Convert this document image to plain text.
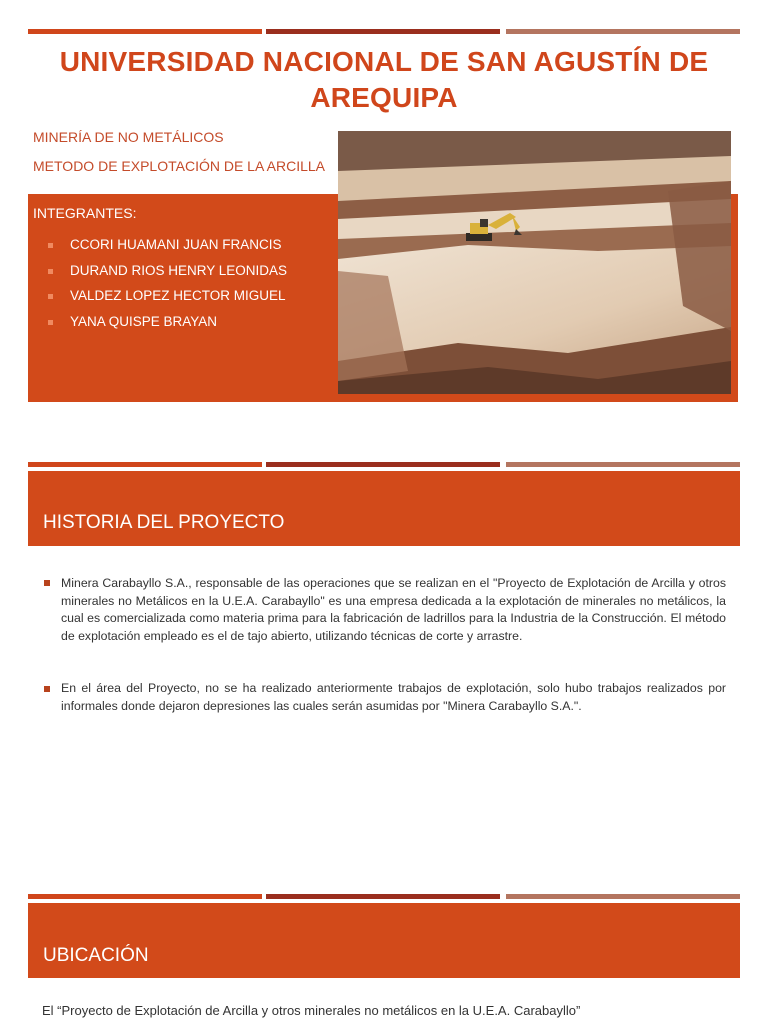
UNIVERSIDAD NACIONAL DE SAN AGUSTÍN DE AREQUIPA
MINERÍA DE NO METÁLICOS
METODO DE EXPLOTACIÓN DE LA ARCILLA
INTEGRANTES:
CCORI HUAMANI JUAN FRANCIS
DURAND RIOS HENRY LEONIDAS
VALDEZ LOPEZ HECTOR MIGUEL
YANA QUISPE BRAYAN
HISTORIA DEL PROYECTO
Minera Carabayllo S.A., responsable de las operaciones que se realizan en el "Proyecto de Explotación de Arcilla y otros minerales no Metálicos en la U.E.A. Carabayllo" es una empresa dedicada a la explotación de minerales no metálicos, la cual es comercializada como materia prima para la fabricación de ladrillos para la Industria de la Construcción. El método de explotación empleado es el de tajo abierto, utilizando técnicas de corte y arrastre.
En el área del Proyecto, no se ha realizado anteriormente trabajos de explotación, solo hubo trabajos realizados por informales donde dejaron depresiones las cuales serán asumidas por "Minera Carabayllo S.A.".
UBICACIÓN
El “Proyecto de Explotación de Arcilla y otros minerales no metálicos en la U.E.A. Carabayllo”
